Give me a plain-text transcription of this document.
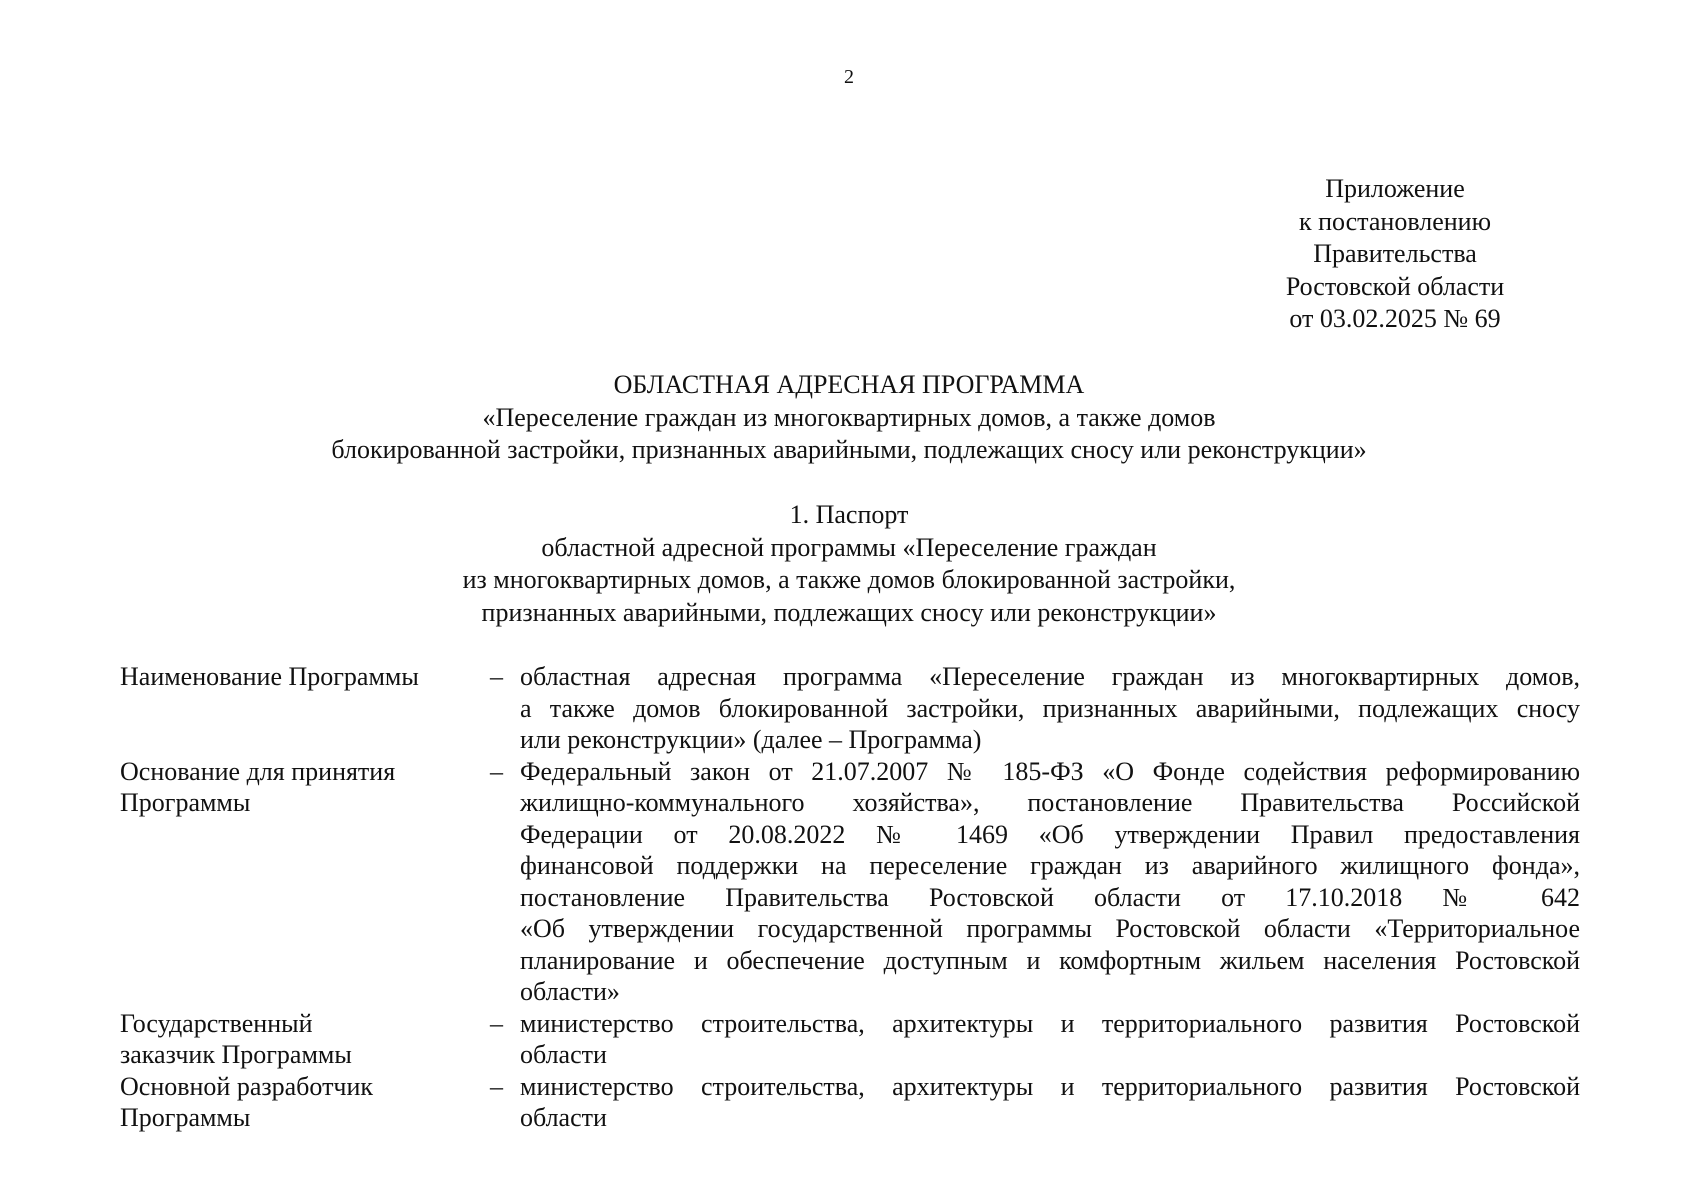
2
Приложение
к постановлению
Правительства
Ростовской области
от 03.02.2025 № 69
ОБЛАСТНАЯ АДРЕСНАЯ ПРОГРАММА
«Переселение граждан из многоквартирных домов, а также домов
блокированной застройки, признанных аварийными, подлежащих сносу или реконструкции»
1. Паспорт
областной адресной программы «Переселение граждан
из многоквартирных домов, а также домов блокированной застройки,
признанных аварийными, подлежащих сносу или реконструкции»
Наименование Программы	– областная адресная программа «Переселение граждан из многоквартирных домов,
а также домов блокированной застройки, признанных аварийными, подлежащих сносу
или реконструкции» (далее – Программа)
Основание для принятия
Программы
– Федеральный закон от 21.07.2007 № 185-ФЗ «О Фонде содействия реформированию
жилищно-коммунального хозяйства», постановление Правительства Российской
Федерации от 20.08.2022 № 1469 «Об утверждении Правил предоставления
финансовой поддержки на переселение граждан из аварийного жилищного фонда»,
постановление Правительства Ростовской области от 17.10.2018 № 642
«Об утверждении государственной программы Ростовской области «Территориальное
планирование и обеспечение доступным и комфортным жильем населения Ростовской
области»
Государственный
заказчик Программы
– министерство строительства, архитектуры и территориального развития Ростовской
области
Основной разработчик
Программы
– министерство строительства, архитектуры и территориального развития Ростовской
области
